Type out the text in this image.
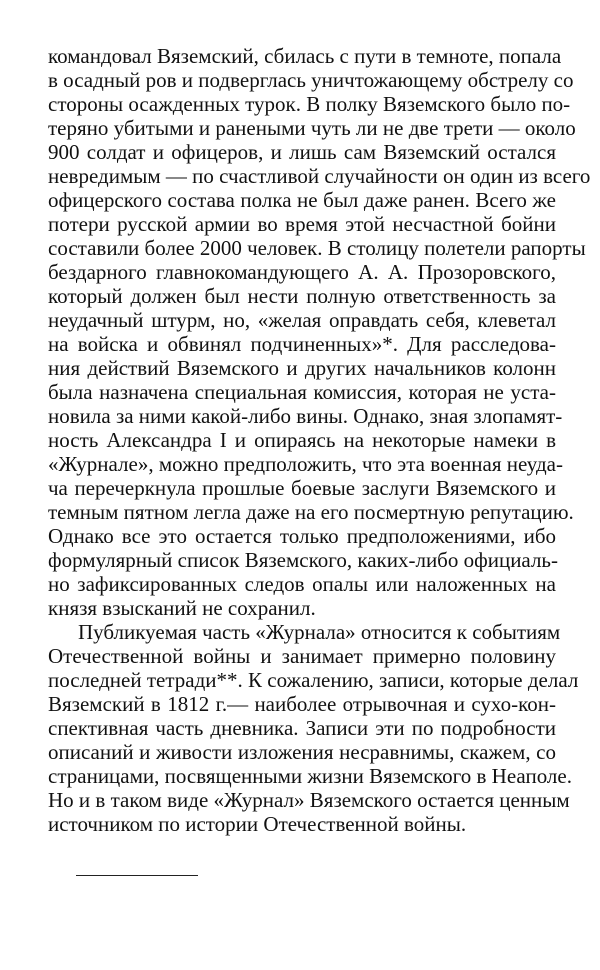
командовал Вяземский, сбилась с пути в темноте, попала
в осадный ров и подверглась уничтожающему обстрелу со
стороны осажденных турок. В полку Вяземского было по-
теряно убитыми и ранеными чуть ли не две трети — около
900 солдат и офицеров, и лишь сам Вяземский остался
невредимым — по счастливой случайности он один из всего
офицерского состава полка не был даже ранен. Всего же
потери русской армии во время этой несчастной бойни
составили более 2000 человек. В столицу полетели рапорты
бездарного главнокомандующего А. А. Прозоровского,
который должен был нести полную ответственность за
неудачный штурм, но, «желая оправдать себя, клеветал
на войска и обвинял подчиненных»*. Для расследова-
ния действий Вяземского и других начальников колонн
была назначена специальная комиссия, которая не уста-
новила за ними какой-либо вины. Однако, зная злопамят-
ность Александра I и опираясь на некоторые намеки в
«Журнале», можно предположить, что эта военная неуда-
ча перечеркнула прошлые боевые заслуги Вяземского и
темным пятном легла даже на его посмертную репутацию.
Однако все это остается только предположениями, ибо
формулярный список Вяземского, каких-либо официаль-
но зафиксированных следов опалы или наложенных на
князя взысканий не сохранил.
Публикуемая часть «Журнала» относится к событиям
Отечественной войны и занимает примерно половину
последней тетради**. К сожалению, записи, которые делал
Вяземский в 1812 г.— наиболее отрывочная и сухо-кон-
спективная часть дневника. Записи эти по подробности
описаний и живости изложения несравнимы, скажем, со
страницами, посвященными жизни Вяземского в Неаполе.
Но и в таком виде «Журнал» Вяземского остается ценным
источником по истории Отечественной войны.
